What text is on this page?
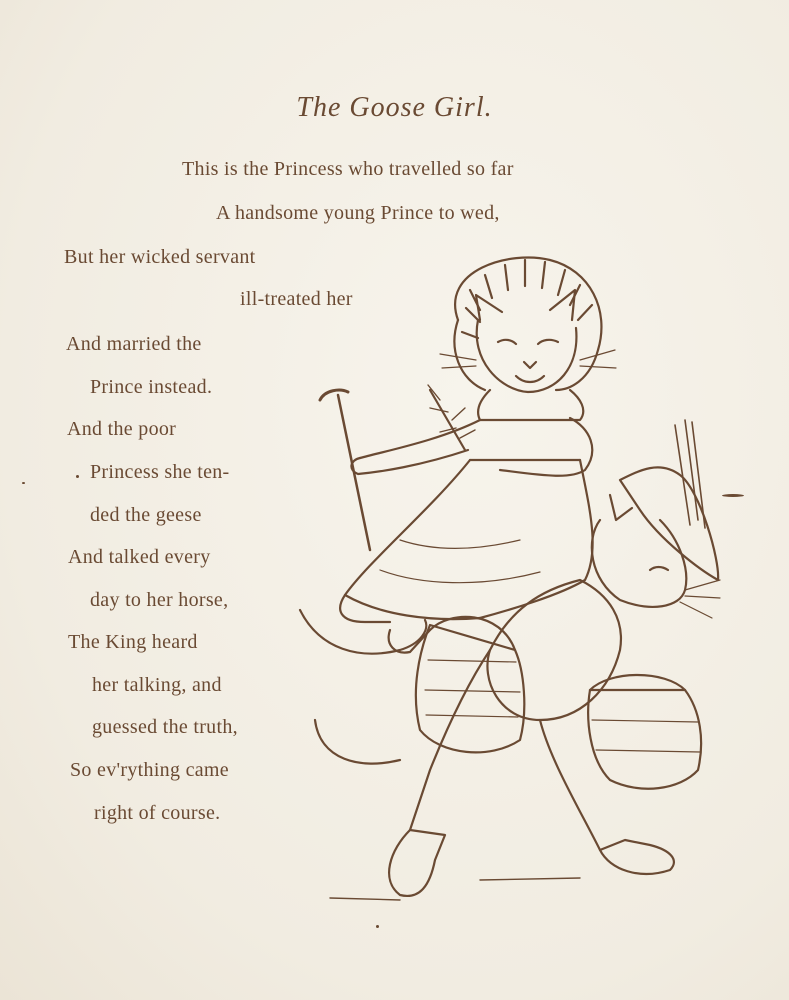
The Goose Girl.
This is the Princess who travelled so far
A handsome young Prince to wed,
But her wicked servant
ill-treated her
And married the
Prince instead.
And the poor
Princess she ten-
ded the geese
And talked every
day to her horse,
The King heard
her talking, and
guessed the truth,
So ev'rything came
right of course.
